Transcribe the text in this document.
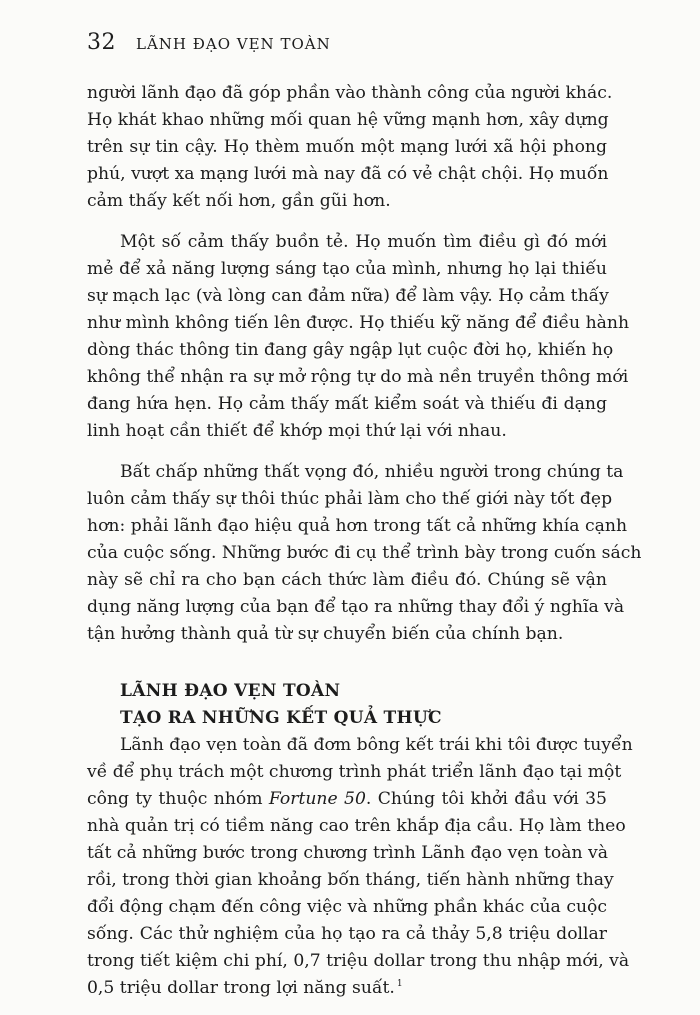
32 LÃNH ĐẠO VẸN TOÀN
người lãnh đạo đã góp phần vào thành công của người khác.
Họ khát khao những mối quan hệ vững mạnh hơn, xây dựng
trên sự tin cậy. Họ thèm muốn một mạng lưới xã hội phong
phú, vượt xa mạng lưới mà nay đã có vẻ chật chội. Họ muốn
cảm thấy kết nối hơn, gần gũi hơn.
Một số cảm thấy buồn tẻ. Họ muốn tìm điều gì đó mới
mẻ để xả năng lượng sáng tạo của mình, nhưng họ lại thiếu
sự mạch lạc (và lòng can đảm nữa) để làm vậy. Họ cảm thấy
như mình không tiến lên được. Họ thiếu kỹ năng để điều hành
dòng thác thông tin đang gây ngập lụt cuộc đời họ, khiến họ
không thể nhận ra sự mở rộng tự do mà nền truyền thông mới
đang hứa hẹn. Họ cảm thấy mất kiểm soát và thiếu đi dạng
linh hoạt cần thiết để khớp mọi thứ lại với nhau.
Bất chấp những thất vọng đó, nhiều người trong chúng ta
luôn cảm thấy sự thôi thúc phải làm cho thế giới này tốt đẹp
hơn: phải lãnh đạo hiệu quả hơn trong tất cả những khía cạnh
của cuộc sống. Những bước đi cụ thể trình bày trong cuốn sách
này sẽ chỉ ra cho bạn cách thức làm điều đó. Chúng sẽ vận
dụng năng lượng của bạn để tạo ra những thay đổi ý nghĩa và
tận hưởng thành quả từ sự chuyển biến của chính bạn.
LÃNH ĐẠO VẸN TOÀN
TẠO RA NHỮNG KẾT QUẢ THỰC
Lãnh đạo vẹn toàn đã đơm bông kết trái khi tôi được tuyển
về để phụ trách một chương trình phát triển lãnh đạo tại một
công ty thuộc nhóm Fortune 50. Chúng tôi khởi đầu với 35
nhà quản trị có tiềm năng cao trên khắp địa cầu. Họ làm theo
tất cả những bước trong chương trình Lãnh đạo vẹn toàn và
rồi, trong thời gian khoảng bốn tháng, tiến hành những thay
đổi động chạm đến công việc và những phần khác của cuộc
sống. Các thử nghiệm của họ tạo ra cả thảy 5,8 triệu dollar
trong tiết kiệm chi phí, 0,7 triệu dollar trong thu nhập mới, và
0,5 triệu dollar trong lợi năng suất. $^1$
